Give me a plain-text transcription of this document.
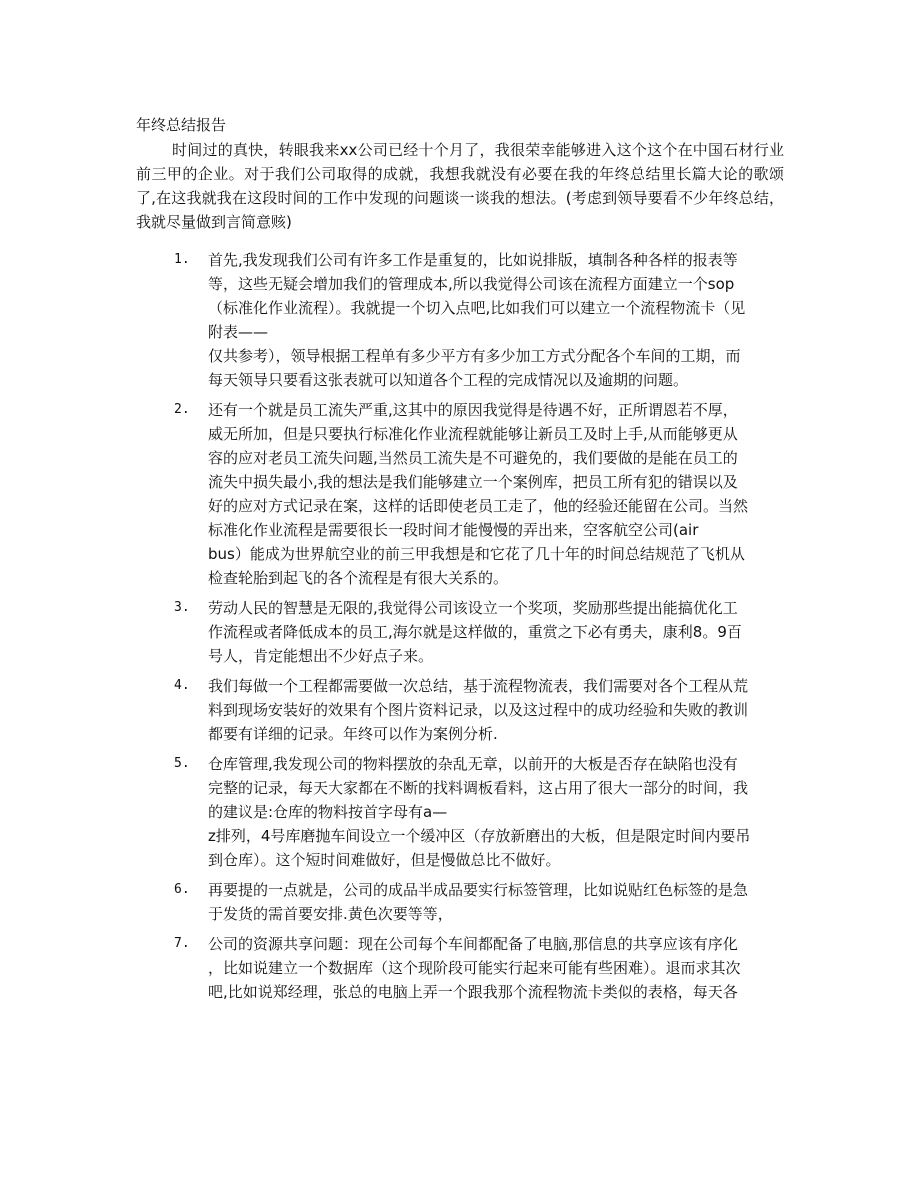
年终总结报告

时间过的真快，转眼我来xx公司已经十个月了，我很荣幸能够进入这个这个在中国石材行业前三甲的企业。对于我们公司取得的成就，我想我就没有必要在我的年终总结里长篇大论的歌颂了,在这我就我在这段时间的工作中发现的问题谈一谈我的想法。(考虑到领导要看不少年终总结，我就尽量做到言简意赅)

1. 首先,我发现我们公司有许多工作是重复的，比如说排版，填制各种各样的报表等
等，这些无疑会增加我们的管理成本,所以我觉得公司该在流程方面建立一个sop
（标准化作业流程）。我就提一个切入点吧,比如我们可以建立一个流程物流卡（见
附表——
仅共参考），领导根据工程单有多少平方有多少加工方式分配各个车间的工期，而
每天领导只要看这张表就可以知道各个工程的完成情况以及逾期的问题。
2. 还有一个就是员工流失严重,这其中的原因我觉得是待遇不好，正所谓恩若不厚，
威无所加，但是只要执行标准化作业流程就能够让新员工及时上手,从而能够更从
容的应对老员工流失问题,当然员工流失是不可避免的，我们要做的是能在员工的
流失中损失最小,我的想法是我们能够建立一个案例库，把员工所有犯的错误以及
好的应对方式记录在案，这样的话即使老员工走了，他的经验还能留在公司。当然
标准化作业流程是需要很长一段时间才能慢慢的弄出来，空客航空公司(air
bus）能成为世界航空业的前三甲我想是和它花了几十年的时间总结规范了飞机从
检查轮胎到起飞的各个流程是有很大关系的。
3. 劳动人民的智慧是无限的,我觉得公司该设立一个奖项，奖励那些提出能搞优化工
作流程或者降低成本的员工,海尔就是这样做的，重赏之下必有勇夫，康利8。9百
号人，肯定能想出不少好点子来。
4. 我们每做一个工程都需要做一次总结，基于流程物流表，我们需要对各个工程从荒
料到现场安装好的效果有个图片资料记录，以及这过程中的成功经验和失败的教训
都要有详细的记录。年终可以作为案例分析.
5. 仓库管理,我发现公司的物料摆放的杂乱无章，以前开的大板是否存在缺陷也没有
完整的记录，每天大家都在不断的找料调板看料，这占用了很大一部分的时间，我
的建议是:仓库的物料按首字母有a—
z排列，4号库磨抛车间设立一个缓冲区（存放新磨出的大板，但是限定时间内要吊
到仓库）。这个短时间难做好，但是慢做总比不做好。
6. 再要提的一点就是，公司的成品半成品要实行标签管理，比如说贴红色标签的是急
于发货的需首要安排.黄色次要等等，
7. 公司的资源共享问题：现在公司每个车间都配备了电脑,那信息的共享应该有序化
，比如说建立一个数据库（这个现阶段可能实行起来可能有些困难）。退而求其次
吧,比如说郑经理，张总的电脑上弄一个跟我那个流程物流卡类似的表格，每天各
